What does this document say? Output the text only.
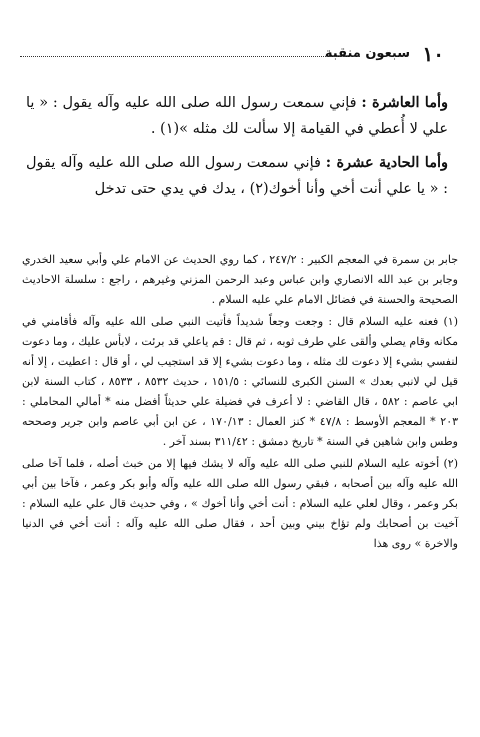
١٠
سبعون منقبة

وأما العاشرة : فإني سمعت رسول الله صلى الله عليه وآله يقول : « يا علي لا أُعطي في القيامة إلا سألت لك مثله »(١) .

وأما الحادية عشرة : فإني سمعت رسول الله صلى الله عليه وآله يقول : « يا علي أنت أخي وأنا أخوك(٢) ، يدك في يدي حتى تدخل

جابر بن سمرة في المعجم الكبير : ٢٤٧/٢ ، كما روي الحديث عن الامام علي وأبي سعيد الخدري وجابر بن عبد الله الانصاري وابن عباس وعبد الرحمن المزني وغيرهم ، راجع : سلسلة الاحاديث الصحيحة والحسنة في فضائل الامام علي عليه السلام .

(١) فعنه عليه السلام قال : وجعت وجعاً شديداً فأتيت النبي صلى الله عليه وآله فأقامني في مكانه وقام يصلي وألقى علي طرف ثوبه ، ثم قال : قم ياعلي قد برئت ، لابأس عليك ، وما دعوت لنفسي بشيء إلا دعوت لك مثله ، وما دعوت بشيء إلا قد استجيب لي ، أو قال : اعطيت ، إلا أنه قيل لي لانبي بعدك » السنن الكبرى للنسائي : ١٥١/٥ ، حديث ٨٥٣٢ ، ٨٥٣٣ ، كتاب السنة لابن ابي عاصم : ٥٨٢ ، قال القاضي : لا أعرف في فضيلة علي حديثاً أفضل منه * أمالي المحاملي : ٢٠٣ * المعجم الأوسط : ٤٧/٨ * كنز العمال : ١٧٠/١٣ ، عن ابن أبي عاصم وابن جرير وصححه وطس وابن شاهين في السنة * تاريخ دمشق : ٣١١/٤٢ بسند آخر .

(٢) أخوته عليه السلام للنبي صلى الله عليه وآله لا يشك فيها إلا من خبث أصله ، فلما آخا صلى الله عليه وآله بين أصحابه ، فبقي رسول الله صلى الله عليه وآله وأبو بكر وعمر ، فآخا بين أبي بكر وعمر ، وقال لعلي عليه السلام : أنت أخي وأنا أخوك » ، وفي حديث قال علي عليه السلام : آخيت بن أصحابك ولم تؤاخ بيني وبين أحد ، فقال صلى الله عليه وآله : أنت أخي في الدنيا والاخرة » روى هذا
